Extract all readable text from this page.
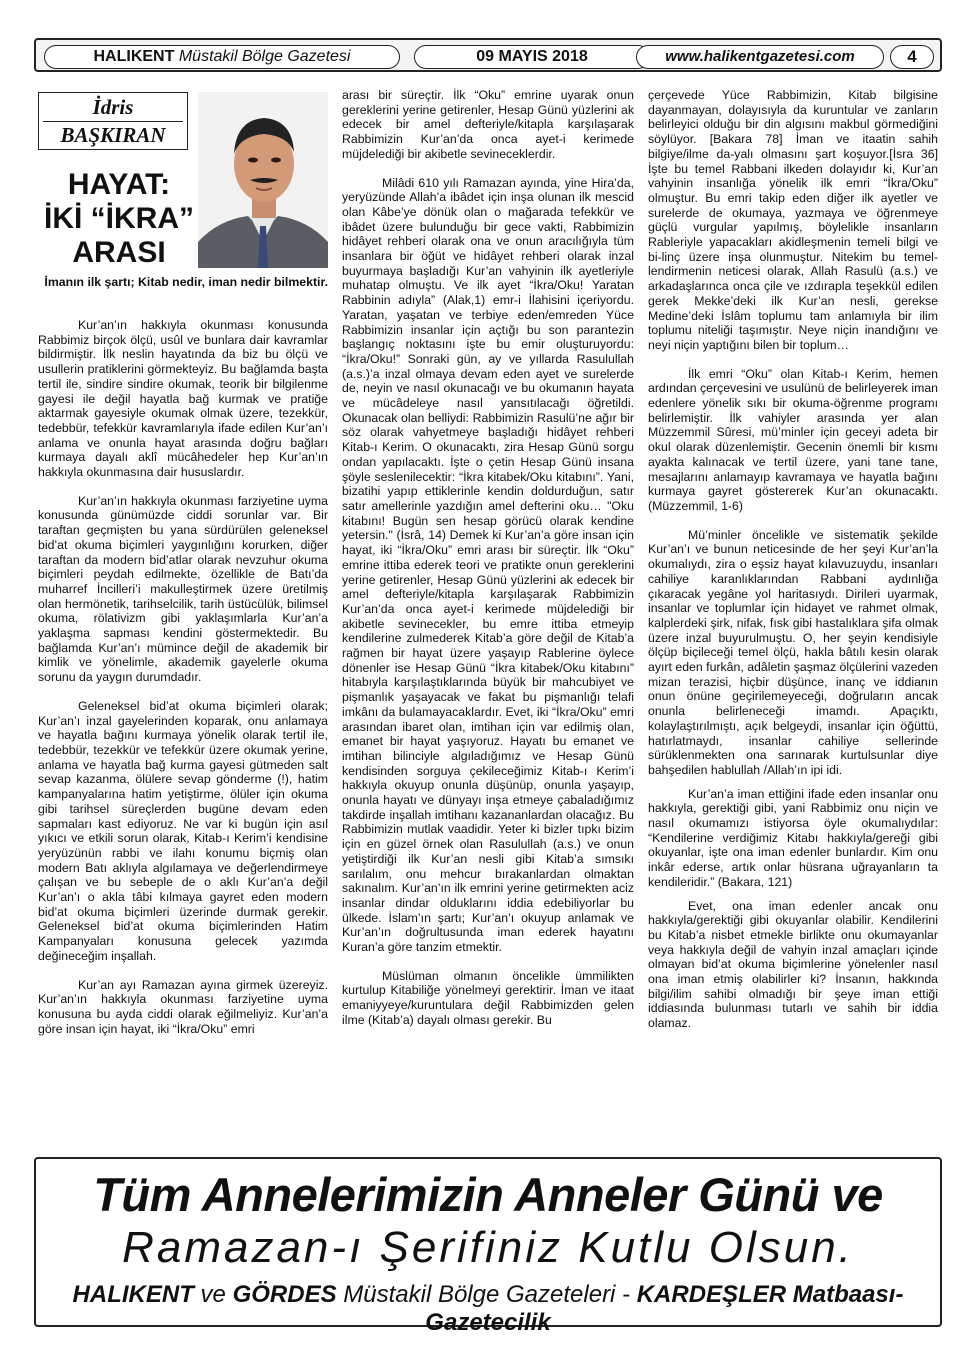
HALIKENT Müstakil Bölge Gazetesi	09 MAYIS 2018	www.halikentgazetesi.com	4
İdris
BAŞKIRAN
HAYAT:
İKİ “İKRA”
ARASI
İmanın ilk şartı; Kitab nedir, iman nedir bilmektir.

Kur’an’ın hakkıyla okunması konusunda Rabbimiz birçok ölçü, usûl ve bunlara dair kavramlar bildirmiştir. İlk neslin hayatında da biz bu ölçü ve usullerin pratiklerini görmekteyiz. Bu bağlamda başta tertil ile, sindire sindire okumak, teorik bir bilgilenme gayesi ile değil hayatla bağ kurmak ve pratiğe aktarmak gayesiyle okumak olmak üzere, tezekkür, tedebbür, tefekkür kavramlarıyla ifade edilen Kur’an’ı anlama ve onunla hayat arasında doğru bağları kurmaya dayalı aklî mücâhedeler hep Kur’an’ın hakkıyla okunmasına dair hususlardır.

Kur’an’ın hakkıyla okunması farziyetine uyma konusunda günümüzde ciddi sorunlar var. Bir taraftan geçmişten bu yana sürdürülen geleneksel bid’at okuma biçimleri yaygınlığını korurken, diğer taraftan da modern bid’atlar olarak nevzuhur okuma biçimleri peydah edilmekte, özellikle de Batı’da muharref İncilleri’i makulleştirmek üzere üretilmiş olan hermönetik, tarihselcilik, tarih üstücülük, bilimsel okuma, rölativizm gibi yaklaşımlarla Kur’an’a yaklaşma sapması kendini göstermektedir. Bu bağlamda Kur’an’ı mümince değil de akademik bir kimlik ve yönelimle, akademik gayelerle okuma sorunu da yaygın durumdadır.

Geleneksel bid’at okuma biçimleri olarak; Kur’an’ı inzal gayelerinden koparak, onu anlamaya ve hayatla bağını kurmaya yönelik olarak tertil ile, tedebbür, tezekkür ve tefekkür üzere okumak yerine, anlama ve hayatla bağ kurma gayesi gütmeden salt sevap kazanma, ölülere sevap gönderme (!), hatim kampanyalarına hatim yetiştirme, ölüler için okuma gibi tarihsel süreçlerden bugüne devam eden sapmaları kast ediyoruz. Ne var ki bugün için asıl yıkıcı ve etkili sorun olarak, Kitab-ı Kerim’i kendisine yeryüzünün rabbi ve ilahı konumu biçmiş olan modern Batı aklıyla algılamaya ve değerlendirmeye çalışan ve bu sebeple de o aklı Kur’an’a değil Kur’an’ı o akla tâbi kılmaya gayret eden modern bid’at okuma biçimleri üzerinde durmak gerekir. Geleneksel bid’at okuma biçimlerinden Hatim Kampanyaları konusuna gelecek yazımda değineceğim inşallah.

Kur’an ayı Ramazan ayına girmek üzereyiz. Kur’an’ın hakkıyla okunması farziyetine uyma konusuna bu ayda ciddi olarak eğilmeliyiz. Kur’an’a göre insan için hayat, iki “İkra/Oku” emri

arası bir süreçtir. İlk “Oku” emrine uyarak onun gereklerini yerine getirenler, Hesap Günü yüzlerini ak edecek bir amel defteriyle/kitapla karşılaşarak Rabbimizin Kur’an’da onca ayet-i kerimede müjdelediği bir akibetle sevineceklerdir.

Milâdi 610 yılı Ramazan ayında, yine Hira’da, yeryüzünde Allah’a ibâdet için inşa olunan ilk mescid olan Kâbe’ye dönük olan o mağarada tefekkür ve ibâdet üzere bulunduğu bir gece vakti, Rabbimizin hidâyet rehberi olarak ona ve onun aracılığıyla tüm insanlara bir öğüt ve hidâyet rehberi olarak inzal buyurmaya başladığı Kur’an vahyinin ilk ayetleriyle muhatap olmuştu. Ve ilk ayet “İkra/Oku! Yaratan Rabbinin adıyla” (Alak,1) emr-i İlahisini içeriyordu. Yaratan, yaşatan ve terbiye eden/emreden Yüce Rabbimizin insanlar için açtığı bu son parantezin başlangıç noktasını işte bu emir oluşturuyordu: “İkra/Oku!” Sonraki gün, ay ve yıllarda Rasulullah (a.s.)’a inzal olmaya devam eden ayet ve surelerde de, neyin ve nasıl okunacağı ve bu okumanın hayata ve mücâdeleye nasıl yansıtılacağı öğretildi. Okunacak olan belliydi: Rabbimizin Rasulü’ne ağır bir söz olarak vahyetmeye başladığı hidâyet rehberi Kitab-ı Kerim. O okunacaktı, zira Hesap Günü sorgu ondan yapılacaktı. İşte o çetin Hesap Günü insana şöyle seslenilecektir: “İkra kitabek/Oku kitabını”. Yani, bizatihi yapıp ettiklerinle kendin doldurduğun, satır satır amellerinle yazdığın amel defterini oku… "Oku kitabını! Bugün sen hesap görücü olarak kendine yetersin." (İsrâ, 14) Demek ki Kur’an’a göre insan için hayat, iki “İkra/Oku” emri arası bir süreçtir. İlk “Oku” emrine ittiba ederek teori ve pratikte onun gereklerini yerine getirenler, Hesap Günü yüzlerini ak edecek bir amel defteriyle/kitapla karşılaşarak Rabbimizin Kur’an’da onca ayet-i kerimede müjdelediği bir akibetle sevinecekler, bu emre ittiba etmeyip kendilerine zulmederek Kitab’a göre değil de Kitab’a rağmen bir hayat üzere yaşayıp Rablerine öylece dönenler ise Hesap Günü “İkra kitabek/Oku kitabını” hitabıyla karşılaştıklarında büyük bir mahcubiyet ve pişmanlık yaşayacak ve fakat bu pişmanlığı telafi imkânı da bulamayacaklardır. Evet, iki “İkra/Oku” emri arasından ibaret olan, imtihan için var edilmiş olan, emanet bir hayat yaşıyoruz. Hayatı bu emanet ve imtihan bilinciyle algıladığımız ve Hesap Günü kendisinden sorguya çekileceğimiz Kitab-ı Kerim’i hakkıyla okuyup onunla düşünüp, onunla yaşayıp, onunla hayatı ve dünyayı inşa etmeye çabaladığımız takdirde inşallah imtihanı kazananlardan olacağız. Bu Rabbimizin mutlak vaadidir. Yeter ki bizler tıpkı bizim için en güzel örnek olan Rasulullah (a.s.) ve onun yetiştirdiği ilk Kur’an nesli gibi Kitab’a sımsıkı sarılalım, onu mehcur bırakanlardan olmaktan sakınalım. Kur’an’ın ilk emrini yerine getirmekten aciz insanlar dindar olduklarını iddia edebiliyorlar bu ülkede. İslam’ın şartı; Kur’an’ı okuyup anlamak ve Kur’an’ın doğrultusunda iman ederek hayatını Kuran’a göre tanzim etmektir.

Müslüman olmanın öncelikle ümmilikten kurtulup Kitabiliğe yönelmeyi gerektirir. İman ve itaat emaniyyeye/kuruntulara değil Rabbimizden gelen ilme (Kitab’a) dayalı olması gerekir. Bu

çerçevede Yüce Rabbimizin, Kitab bilgisine dayanmayan, dolayısıyla da kuruntular ve zanların belirleyici olduğu bir din algısını makbul görmediğini söylüyor. [Bakara 78] İman ve itaatin sahih bilgiye/ilme da-yalı olmasını şart koşuyor.[İsra 36] İşte bu temel Rabbani ilkeden dolayıdır ki, Kur’an vahyinin insanlığa yönelik ilk emri “İkra/Oku” olmuştur. Bu emri takip eden diğer ilk ayetler ve surelerde de okumaya, yazmaya ve öğrenmeye güçlü vurgular yapılmış, böylelikle insanların Rableriyle yapacakları akidleşmenin temeli bilgi ve bi-linç üzere inşa olunmuştur. Nitekim bu temel- lendirmenin neticesi olarak, Allah Rasulü (a.s.) ve arkadaşlarınca onca çile ve ızdırapla teşekkül edilen gerek Mekke’deki ilk Kur’an nesli, gerekse Medine’deki İslâm toplumu tam anlamıyla bir ilim toplumu niteliği taşımıştır. Neye niçin inandığını ve neyi niçin yaptığını bilen bir toplum…

İlk emri “Oku” olan Kitab-ı Kerim, hemen ardından çerçevesini ve usulünü de belirleyerek iman edenlere yönelik sıkı bir okuma-öğrenme programı belirlemiştir. İlk vahiyler arasında yer alan Müzzemmil Sûresi, mü’minler için geceyi adeta bir okul olarak düzenlemiştir. Gecenin önemli bir kısmı ayakta kalınacak ve tertil üzere, yani tane tane, mesajlarını anlamayıp kavramaya ve hayatla bağını kurmaya gayret göstererek Kur’an okunacaktı. (Müzzemmil, 1-6)

Mü’minler öncelikle ve sistematik şekilde Kur’an’ı ve bunun neticesinde de her şeyi Kur’an’la okumalıydı, zira o eşsiz hayat kılavuzuydu, insanları cahiliye karanlıklarından Rabbani aydınlığa çıkaracak yegâne yol haritasıydı. Dirileri uyarmak, insanlar ve toplumlar için hidayet ve rahmet olmak, kalplerdeki şirk, nifak, fısk gibi hastalıklara şifa olmak üzere inzal buyurulmuştu. O, her şeyin kendisiyle ölçüp biçileceği temel ölçü, hakla bâtılı kesin olarak ayırt eden furkân, adâletin şaşmaz ölçülerini vazeden mizan terazisi, hiçbir düşünce, inanç ve iddianın onun önüne geçirilemeyeceği, doğruların ancak onunla belirleneceği imamdı. Apaçıktı, kolaylaştırılmıştı, açık belgeydi, insanlar için öğüttü, hatırlatmaydı, insanlar cahiliye sellerinde sürüklenmekten ona sarınarak kurtulsunlar diye bahşedilen hablullah /Allah’ın ipi idi.

Kur’an’a iman ettiğini ifade eden insanlar onu hakkıyla, gerektiği gibi, yani Rabbimiz onu niçin ve nasıl okumamızı istiyorsa öyle okumalıydılar: “Kendilerine verdiğimiz Kitabı hakkıyla/gereği gibi okuyanlar, işte ona iman edenler bunlardır. Kim onu inkâr ederse, artık onlar hüsrana uğrayanların ta kendileridir.” (Bakara, 121)

Evet, ona iman edenler ancak onu hakkıyla/gerektiği gibi okuyanlar olabilir. Kendilerini bu Kitab’a nisbet etmekle birlikte onu okumayanlar veya hakkıyla değil de vahyin inzal amaçları içinde olmayan bid’at okuma biçimlerine yönelenler nasıl ona iman etmiş olabilirler ki? İnsanın, hakkında bilgi/ilim sahibi olmadığı bir şeye iman ettiği iddiasında bulunması tutarlı ve sahih bir iddia olamaz.

Tüm Annelerimizin Anneler Günü ve
Ramazan-ı Şerifiniz Kutlu Olsun.
HALIKENT ve GÖRDES Müstakil Bölge Gazeteleri - KARDEŞLER Matbaası- Gazetecilik
